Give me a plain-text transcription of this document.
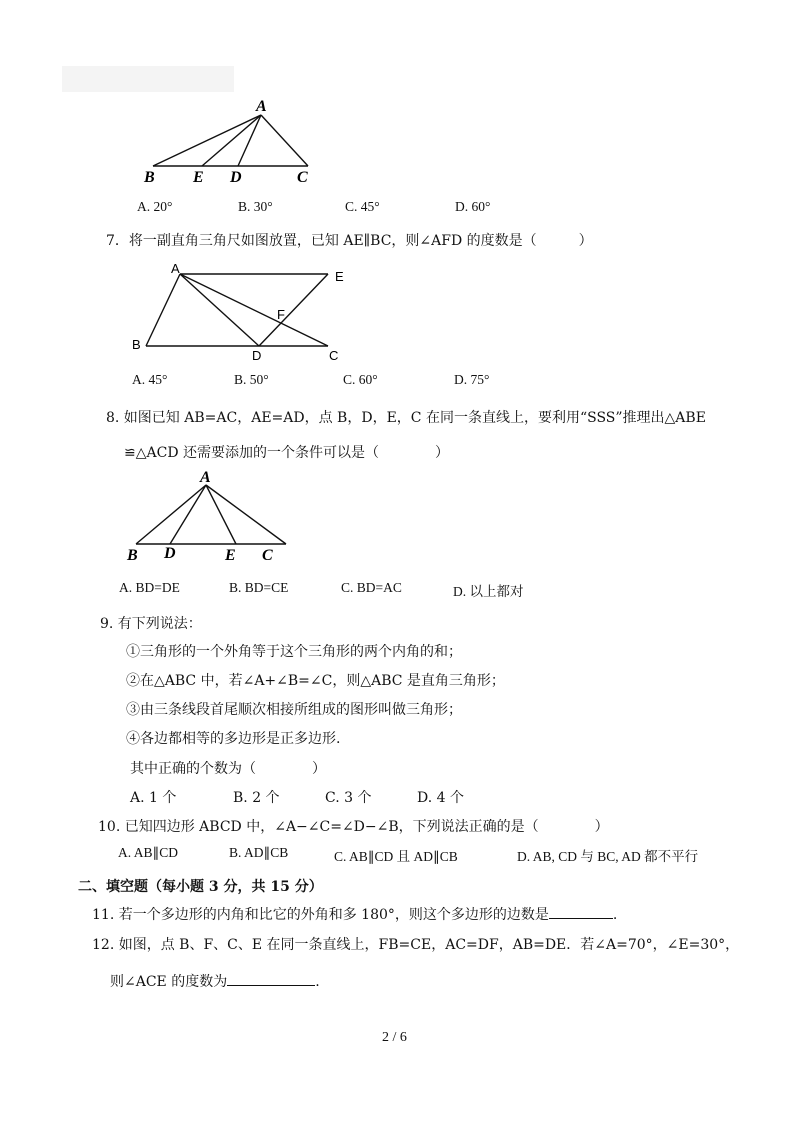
A
B E D	C
A. 20°	B. 30°	C. 45°	D. 60°
7．将一副直角三角尺如图放置，已知 AE∥BC，则∠AFD 的度数是（　　　）
A
E
F
B
D	C
A. 45°	B. 50°	C. 60°	D. 75°
8. 如图已知 AB=AC，AE=AD，点 B，D，E，C 在同一条直线上，要利用“SSS”推理出△ABE
≌△ACD 还需要添加的一个条件可以是（　　　　）
A
B D	E C
A. BD=DE	B. BD=CE	C. BD=AC	D. 以上都对
9. 有下列说法：
①三角形的一个外角等于这个三角形的两个内角的和；
②在△ABC 中，若∠A+∠B=∠C，则△ABC 是直角三角形；
③由三条线段首尾顺次相接所组成的图形叫做三角形；
④各边都相等的多边形是正多边形.
其中正确的个数为（　　　　）
A. 1 个	B. 2 个	C. 3 个	D. 4 个
10. 已知四边形 ABCD 中，∠A−∠C=∠D−∠B，下列说法正确的是（　　　　）
A. AB∥CD	B. AD∥CB	C. AB∥CD 且 AD∥CB	D. AB, CD 与 BC, AD 都不平行
二、填空题（每小题 3 分，共 15 分）
11. 若一个多边形的内角和比它的外角和多 180°，则这个多边形的边数是	.
12. 如图，点 B、F、C、E 在同一条直线上，FB=CE，AC=DF，AB=DE．若∠A=70°，∠E=30°，
则∠ACE 的度数为	.
2 / 6
